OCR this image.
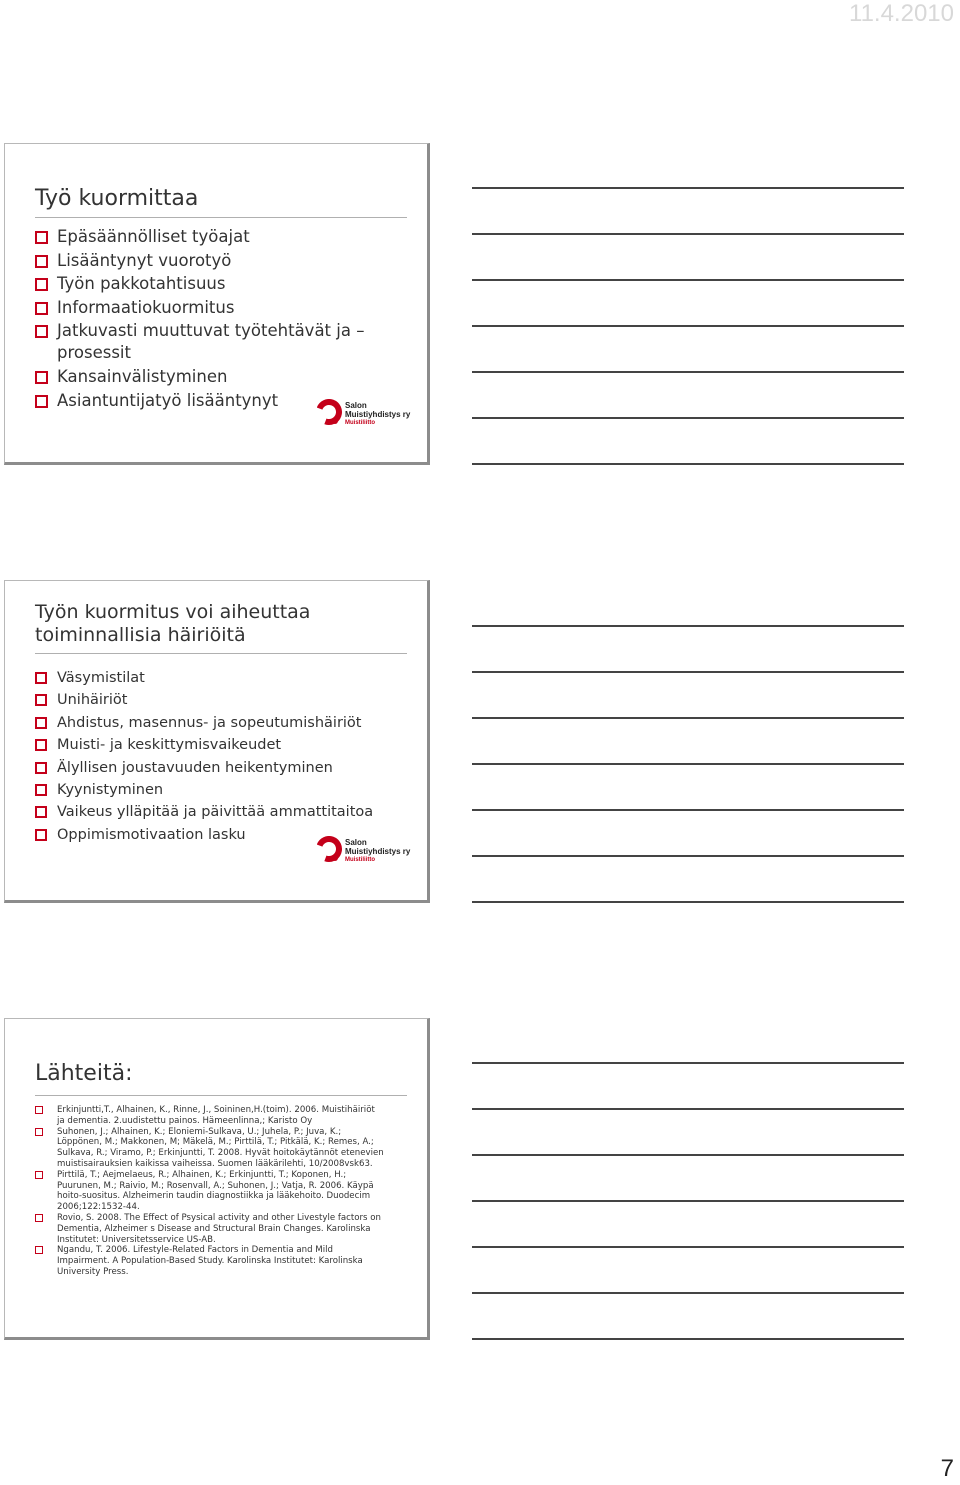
11.4.2010
Työ kuormittaa
Epäsäännölliset työajat
Lisääntynyt vuorotyö
Työn pakkotahtisuus
Informaatiokuormitus
Jatkuvasti muuttuvat työtehtävät ja – prosessit
Kansainvälistyminen
Asiantuntijatyö lisääntynyt	Salon
Muistiyhdistys ry
Muistiliitto
Työn kuormitus voi aiheuttaa toiminnallisia häiriöitä
Väsymistilat
Unihäiriöt
Ahdistus, masennus- ja sopeutumishäiriöt
Muisti- ja keskittymisvaikeudet
Älyllisen joustavuuden heikentyminen
Kyynistyminen
Vaikeus ylläpitää ja päivittää ammattitaitoa
Oppimismotivaation lasku	Salon
Muistiyhdistys ry
Muistiliitto
Lähteitä:
Erkinjuntti,T., Alhainen, K., Rinne, J., Soininen,H.(toim). 2006. Muistihäiriöt ja dementia. 2.uudistettu painos. Hämeenlinna,; Karisto Oy
Suhonen, J.; Alhainen, K.; Eloniemi-Sulkava, U.; Juhela, P.; Juva, K.; Löppönen, M.; Makkonen, M; Mäkelä, M.; Pirttilä, T.; Pitkälä, K.; Remes, A.; Sulkava, R.; Viramo, P.; Erkinjuntti, T. 2008. Hyvät hoitokäytännöt etenevien muistisairauksien kaikissa vaiheissa. Suomen lääkärilehti, 10/2008vsk63.
Pirttilä, T.; Aejmelaeus, R.; Alhainen, K.; Erkinjuntti, T.; Koponen, H.; Puurunen, M.; Raivio, M.; Rosenvall, A.; Suhonen, J.; Vatja, R. 2006. Käypä hoito-suositus. Alzheimerin taudin diagnostiikka ja lääkehoito. Duodecim 2006;122:1532-44.
Rovio, S. 2008. The Effect of Psysical activity and other Livestyle factors on Dementia, Alzheimer s Disease and Structural Brain Changes. Karolinska Institutet: Universitetsservice US-AB.
Ngandu, T. 2006. Lifestyle-Related Factors in Dementia and Mild Impairment. A Population-Based Study. Karolinska Institutet: Karolinska University Press.
7
